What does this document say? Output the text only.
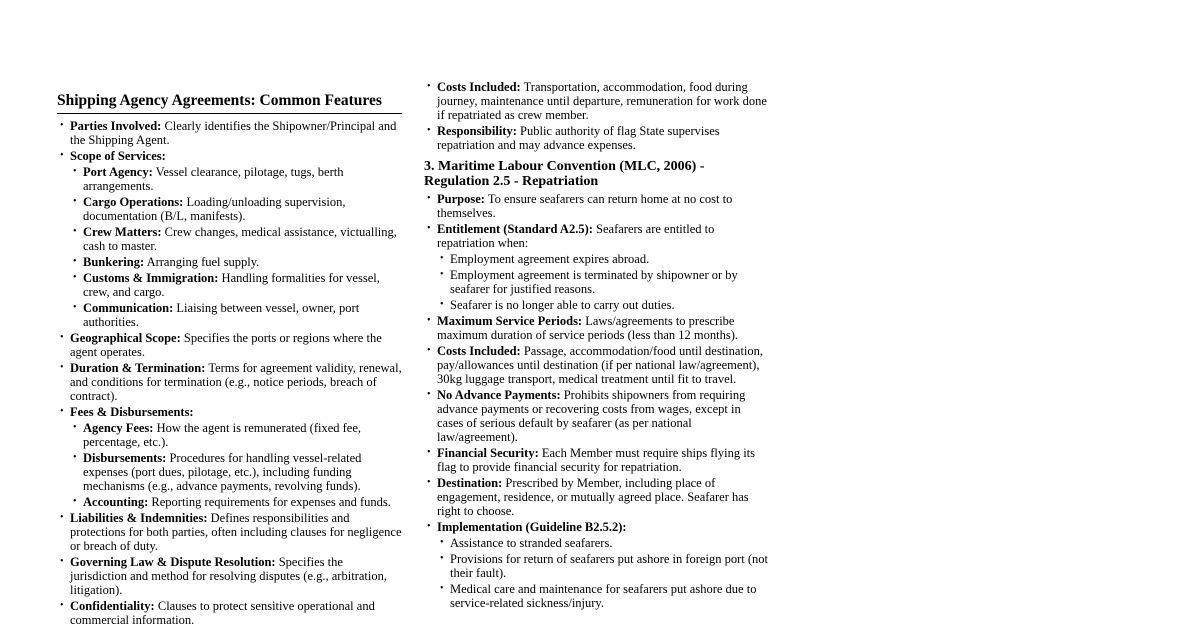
Shipping Agency Agreements: Common Features
• Parties Involved: Clearly identifies the Shipowner/Principal and the Shipping Agent.
• Scope of Services:
• Port Agency: Vessel clearance, pilotage, tugs, berth arrangements.
• Cargo Operations: Loading/unloading supervision, documentation (B/L, manifests).
• Crew Matters: Crew changes, medical assistance, victualling, cash to master.
• Bunkering: Arranging fuel supply.
• Customs & Immigration: Handling formalities for vessel, crew, and cargo.
• Communication: Liaising between vessel, owner, port authorities.
• Geographical Scope: Specifies the ports or regions where the agent operates.
• Duration & Termination: Terms for agreement validity, renewal, and conditions for termination (e.g., notice periods, breach of contract).
• Fees & Disbursements:
• Agency Fees: How the agent is remunerated (fixed fee, percentage, etc.).
• Disbursements: Procedures for handling vessel-related expenses (port dues, pilotage, etc.), including funding mechanisms (e.g., advance payments, revolving funds).
• Accounting: Reporting requirements for expenses and funds.
• Liabilities & Indemnities: Defines responsibilities and protections for both parties, often including clauses for negligence or breach of duty.
• Governing Law & Dispute Resolution: Specifies the jurisdiction and method for resolving disputes (e.g., arbitration, litigation).
• Confidentiality: Clauses to protect sensitive operational and commercial information.
• Costs Included: Transportation, accommodation, food during journey, maintenance until departure, remuneration for work done if repatriated as crew member.
• Responsibility: Public authority of flag State supervises repatriation and may advance expenses.
3. Maritime Labour Convention (MLC, 2006) - Regulation 2.5 - Repatriation
• Purpose: To ensure seafarers can return home at no cost to themselves.
• Entitlement (Standard A2.5): Seafarers are entitled to repatriation when:
• Employment agreement expires abroad.
• Employment agreement is terminated by shipowner or by seafarer for justified reasons.
• Seafarer is no longer able to carry out duties.
• Maximum Service Periods: Laws/agreements to prescribe maximum duration of service periods (less than 12 months).
• Costs Included: Passage, accommodation/food until destination, pay/allowances until destination (if per national law/agreement), 30kg luggage transport, medical treatment until fit to travel.
• No Advance Payments: Prohibits shipowners from requiring advance payments or recovering costs from wages, except in cases of serious default by seafarer (as per national law/agreement).
• Financial Security: Each Member must require ships flying its flag to provide financial security for repatriation.
• Destination: Prescribed by Member, including place of engagement, residence, or mutually agreed place. Seafarer has right to choose.
• Implementation (Guideline B2.5.2):
• Assistance to stranded seafarers.
• Provisions for return of seafarers put ashore in foreign port (not their fault).
• Medical care and maintenance for seafarers put ashore due to service-related sickness/injury.
